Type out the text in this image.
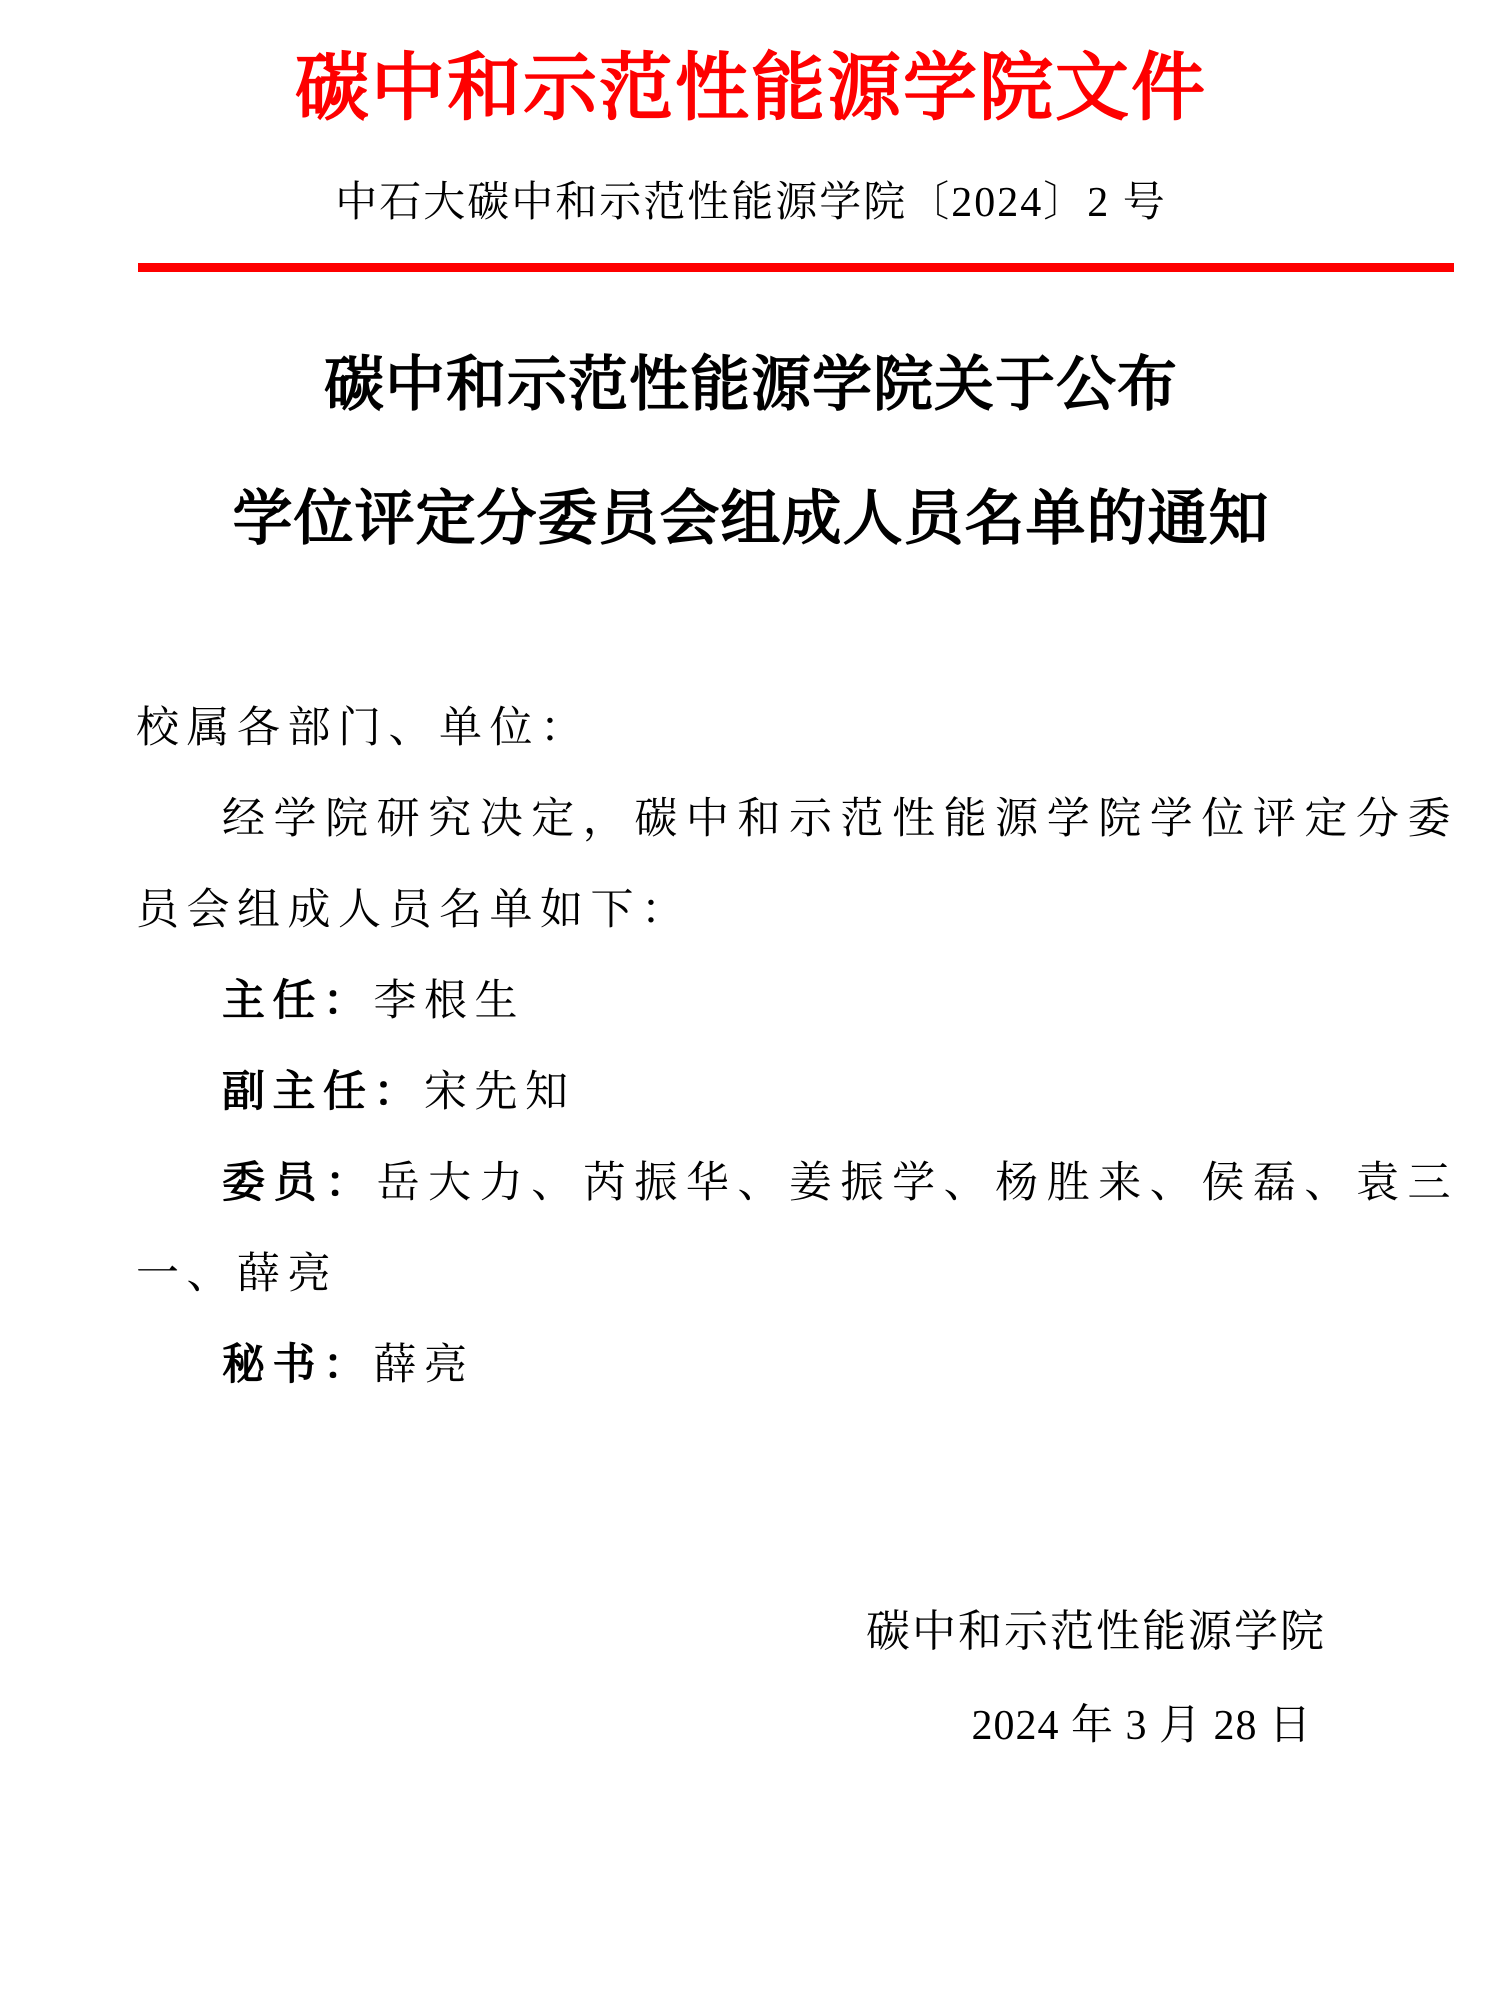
碳中和示范性能源学院文件
中石大碳中和示范性能源学院〔2024〕2 号
碳中和示范性能源学院关于公布
学位评定分委员会组成人员名单的通知

校属各部门、单位：

经学院研究决定，碳中和示范性能源学院学位评定分委员会组成人员名单如下：

主任：李根生

副主任：宋先知

委员：岳大力、芮振华、姜振学、杨胜来、侯磊、袁三一、薛亮

秘书：薛亮

碳中和示范性能源学院
2024 年 3 月 28 日
